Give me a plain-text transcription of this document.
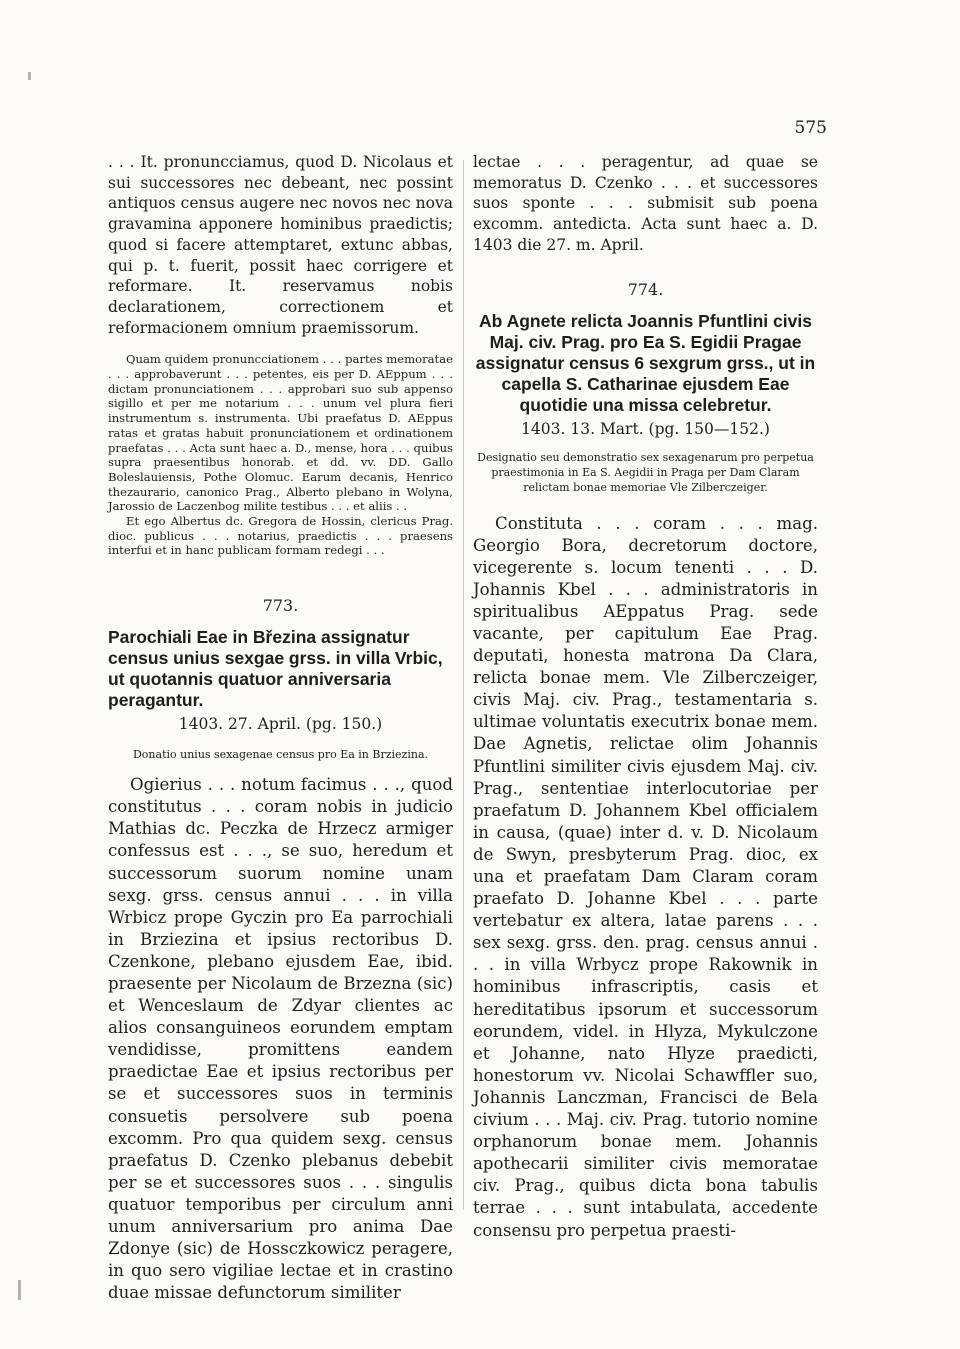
575

. . . It. pronuncciamus, quod D. Nicolaus et sui successores nec debeant, nec possint antiquos census augere nec novos nec nova gravamina apponere hominibus praedictis; quod si facere attemptaret, extunc abbas, qui p. t. fuerit, possit haec corrigere et reformare. It. reservamus nobis declarationem, correctionem et reformacionem omnium praemissorum.

Quam quidem pronuncciationem . . . partes memoratae . . . approbaverunt . . . petentes, eis per D. AEppum . . . dictam pronunciationem . . . approbari suo sub appenso sigillo et per me notarium . . . unum vel plura fieri instrumentum s. instrumenta. Ubi praefatus D. AEppus ratas et gratas habuit pronunciationem et ordinationem praefatas . . . Acta sunt haec a. D., mense, hora . . . quibus supra praesentibus honorab. et dd. vv. DD. Gallo Boleslauiensis, Pothe Olomuc. Earum decanis, Henrico thezaurario, canonico Prag., Alberto plebano in Wolyna, Jarossio de Laczenbog milite testibus . . . et aliis . .

Et ego Albertus dc. Gregora de Hossin, clericus Prag. dioc. publicus . . . notarius, praedictis . . . praesens interfui et in hanc publicam formam redegi . . .

773.

Parochiali Eae in Březina assignatur census unius sexgae grss. in villa Vrbic, ut quotannis quatuor anniversaria peragantur.

1403. 27. April. (pg. 150.)

Donatio unius sexagenae census pro Ea in Brziezina.

Ogierius . . . notum facimus . . ., quod constitutus . . . coram nobis in judicio Mathias dc. Peczka de Hrzecz armiger confessus est . . ., se suo, heredum et successorum suorum nomine unam sexg. grss. census annui . . . in villa Wrbicz prope Gyczin pro Ea parrochiali in Brziezina et ipsius rectoribus D. Czenkone, plebano ejusdem Eae, ibid. praesente per Nicolaum de Brzezna (sic) et Wenceslaum de Zdyar clientes ac alios consanguineos eorundem emptam vendidisse, promittens eandem praedictae Eae et ipsius rectoribus per se et successores suos in terminis consuetis persolvere sub poena excomm. Pro qua quidem sexg. census praefatus D. Czenko plebanus debebit per se et successores suos . . . singulis quatuor temporibus per circulum anni unum anniversarium pro anima Dae Zdonye (sic) de Hossczkowicz peragere, in quo sero vigiliae lectae et in crastino duae missae defunctorum similiter

lectae . . . peragentur, ad quae se memoratus D. Czenko . . . et successores suos sponte . . . submisit sub poena excomm. antedicta. Acta sunt haec a. D. 1403 die 27. m. April.

774.

Ab Agnete relicta Joannis Pfuntlini civis Maj. civ. Prag. pro Ea S. Egidii Pragae assignatur census 6 sexgrum grss., ut in capella S. Catharinae ejusdem Eae quotidie una missa celebretur.

1403. 13. Mart. (pg. 150—152.)

Designatio seu demonstratio sex sexagenarum pro perpetua praestimonia in Ea S. Aegidii in Praga per Dam Claram relictam bonae memoriae Vle Zilberczeiger.

Constituta . . . coram . . . mag. Georgio Bora, decretorum doctore, vicegerente s. locum tenenti . . . D. Johannis Kbel . . . administratoris in spiritualibus AEppatus Prag. sede vacante, per capitulum Eae Prag. deputati, honesta matrona Da Clara, relicta bonae mem. Vle Zilberczeiger, civis Maj. civ. Prag., testamentaria s. ultimae voluntatis executrix bonae mem. Dae Agnetis, relictae olim Johannis Pfuntlini similiter civis ejusdem Maj. civ. Prag., sententiae interlocutoriae per praefatum D. Johannem Kbel officialem in causa, (quae) inter d. v. D. Nicolaum de Swyn, presbyterum Prag. dioc, ex una et praefatam Dam Claram coram praefato D. Johanne Kbel . . . parte vertebatur ex altera, latae parens . . . sex sexg. grss. den. prag. census annui . . . in villa Wrbycz prope Rakownik in hominibus infrascriptis, casis et hereditatibus ipsorum et successorum eorundem, videl. in Hlyza, Mykulczone et Johanne, nato Hlyze praedicti, honestorum vv. Nicolai Schawffler suo, Johannis Lanczman, Francisci de Bela civium . . . Maj. civ. Prag. tutorio nomine orphanorum bonae mem. Johannis apothecarii similiter civis memoratae civ. Prag., quibus dicta bona tabulis terrae . . . sunt intabulata, accedente consensu pro perpetua praesti-
